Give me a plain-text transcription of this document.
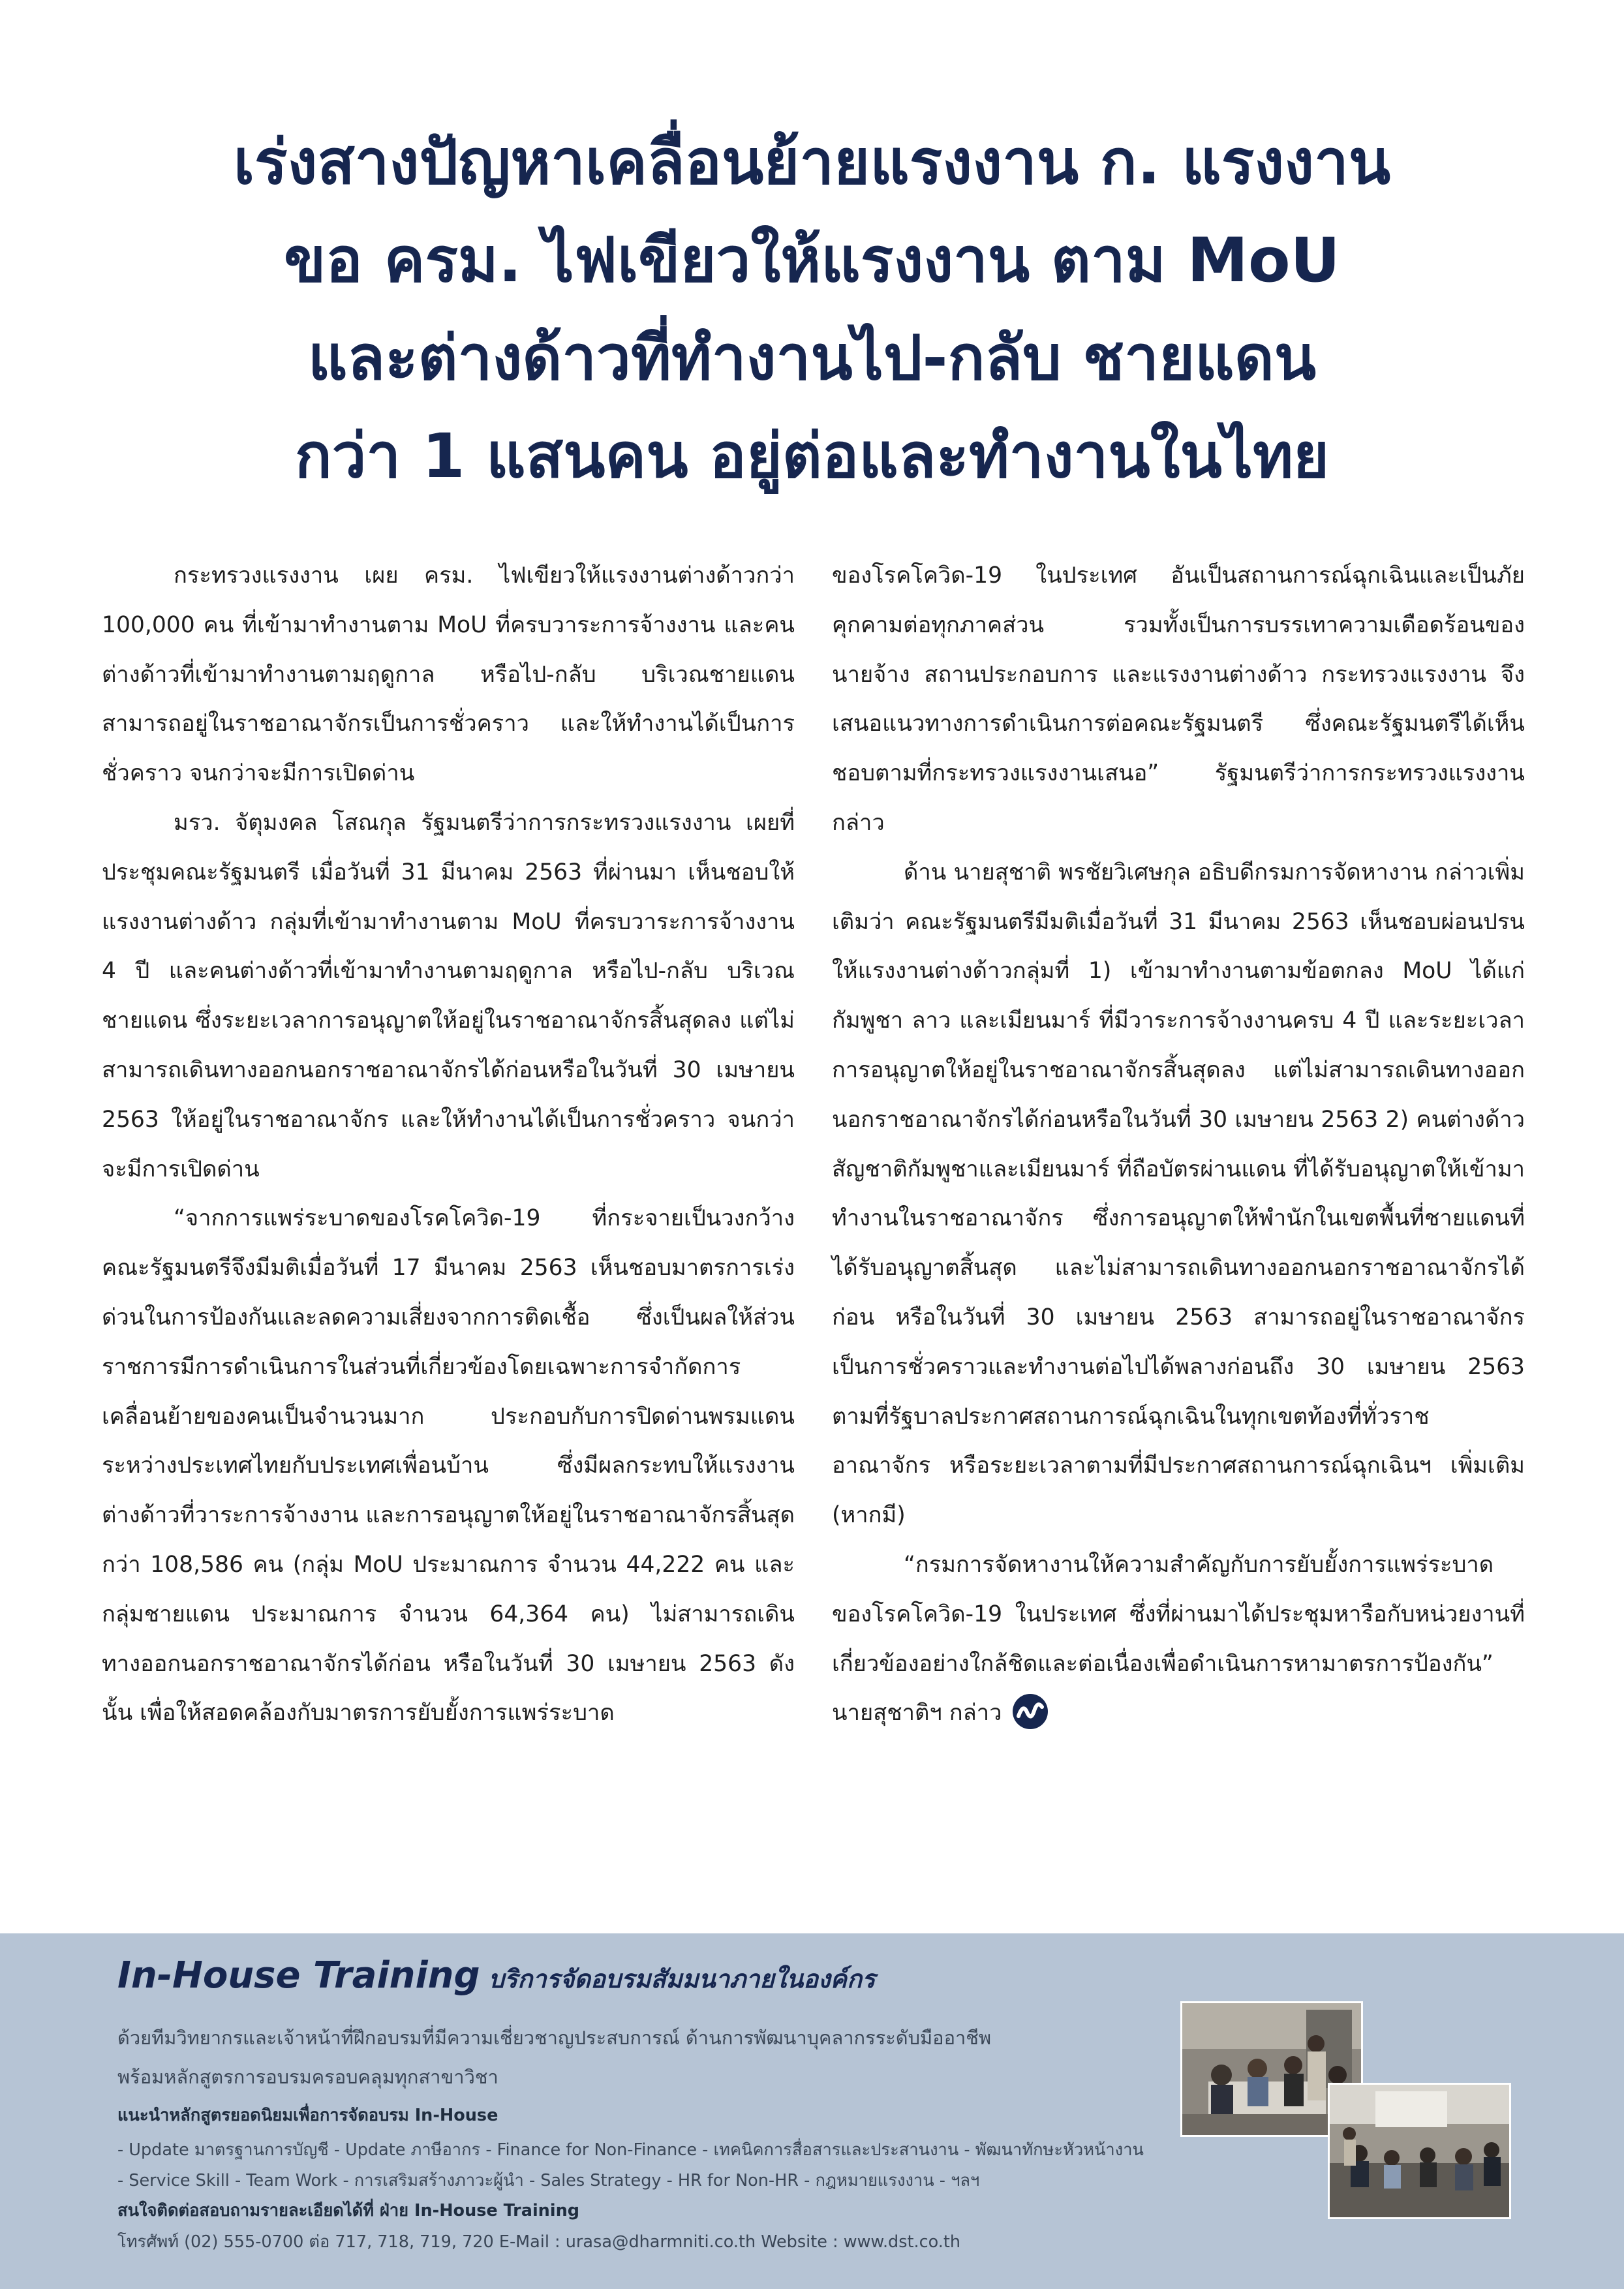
เร่งสางปัญหาเคลื่อนย้ายแรงงาน ก. แรงงาน
ขอ ครม. ไฟเขียวให้แรงงาน ตาม MoU
และต่างด้าวที่ทำงานไป-กลับ ชายแดน
กว่า 1 แสนคน อยู่ต่อและทำงานในไทย

กระทรวงแรงงาน เผย ครม. ไฟเขียวให้แรงงานต่างด้าวกว่า 100,000 คน ที่เข้ามาทำงานตาม MoU ที่ครบวาระการจ้างงาน และคนต่างด้าวที่เข้ามาทำงานตามฤดูกาล หรือไป-กลับ บริเวณชายแดน สามารถอยู่ในราชอาณาจักรเป็นการชั่วคราว และให้ทำงานได้เป็นการชั่วคราว จนกว่าจะมีการเปิดด่าน

มรว. จัตุมงคล โสณกุล รัฐมนตรีว่าการกระทรวงแรงงาน เผยที่ประชุมคณะรัฐมนตรี เมื่อวันที่ 31 มีนาคม 2563 ที่ผ่านมา เห็นชอบให้แรงงานต่างด้าว กลุ่มที่เข้ามาทำงานตาม MoU ที่ครบวาระการจ้างงาน 4 ปี และคนต่างด้าวที่เข้ามาทำงานตามฤดูกาล หรือไป-กลับ บริเวณชายแดน ซึ่งระยะเวลาการอนุญาตให้อยู่ในราชอาณาจักรสิ้นสุดลง แต่ไม่สามารถเดินทางออกนอกราชอาณาจักรได้ก่อนหรือในวันที่ 30 เมษายน 2563 ให้อยู่ในราชอาณาจักร และให้ทำงานได้เป็นการชั่วคราว จนกว่าจะมีการเปิดด่าน

“จากการแพร่ระบาดของโรคโควิด-19 ที่กระจายเป็นวงกว้าง คณะรัฐมนตรีจึงมีมติเมื่อวันที่ 17 มีนาคม 2563 เห็นชอบมาตรการเร่งด่วนในการป้องกันและลดความเสี่ยงจากการติดเชื้อ ซึ่งเป็นผลให้ส่วนราชการมีการดำเนินการในส่วนที่เกี่ยวข้องโดยเฉพาะการจำกัดการเคลื่อนย้ายของคนเป็นจำนวนมาก ประกอบกับการปิดด่านพรมแดนระหว่างประเทศไทยกับประเทศเพื่อนบ้าน ซึ่งมีผลกระทบให้แรงงานต่างด้าวที่วาระการจ้างงาน และการอนุญาตให้อยู่ในราชอาณาจักรสิ้นสุด กว่า 108,586 คน (กลุ่ม MoU ประมาณการ จำนวน 44,222 คน และกลุ่มชายแดน ประมาณการ จำนวน 64,364 คน) ไม่สามารถเดินทางออกนอกราชอาณาจักรได้ก่อน หรือในวันที่ 30 เมษายน 2563 ดังนั้น เพื่อให้สอดคล้องกับมาตรการยับยั้งการแพร่ระบาด

ของโรคโควิด-19 ในประเทศ อันเป็นสถานการณ์ฉุกเฉินและเป็นภัยคุกคามต่อทุกภาคส่วน รวมทั้งเป็นการบรรเทาความเดือดร้อนของนายจ้าง สถานประกอบการ และแรงงานต่างด้าว กระทรวงแรงงาน จึงเสนอแนวทางการดำเนินการต่อคณะรัฐมนตรี ซึ่งคณะรัฐมนตรีได้เห็นชอบตามที่กระทรวงแรงงานเสนอ” รัฐมนตรีว่าการกระทรวงแรงงาน กล่าว

ด้าน นายสุชาติ พรชัยวิเศษกุล อธิบดีกรมการจัดหางาน กล่าวเพิ่มเติมว่า คณะรัฐมนตรีมีมติเมื่อวันที่ 31 มีนาคม 2563 เห็นชอบผ่อนปรนให้แรงงานต่างด้าวกลุ่มที่ 1) เข้ามาทำงานตามข้อตกลง MoU ได้แก่ กัมพูชา ลาว และเมียนมาร์ ที่มีวาระการจ้างงานครบ 4 ปี และระยะเวลาการอนุญาตให้อยู่ในราชอาณาจักรสิ้นสุดลง แต่ไม่สามารถเดินทางออกนอกราชอาณาจักรได้ก่อนหรือในวันที่ 30 เมษายน 2563 2) คนต่างด้าวสัญชาติกัมพูชาและเมียนมาร์ ที่ถือบัตรผ่านแดน ที่ได้รับอนุญาตให้เข้ามาทำงานในราชอาณาจักร ซึ่งการอนุญาตให้พำนักในเขตพื้นที่ชายแดนที่ได้รับอนุญาตสิ้นสุด และไม่สามารถเดินทางออกนอกราชอาณาจักรได้ก่อน หรือในวันที่ 30 เมษายน 2563 สามารถอยู่ในราชอาณาจักรเป็นการชั่วคราวและทำงานต่อไปได้พลางก่อนถึง 30 เมษายน 2563 ตามที่รัฐบาลประกาศสถานการณ์ฉุกเฉินในทุกเขตท้องที่ทั่วราชอาณาจักร หรือระยะเวลาตามที่มีประกาศสถานการณ์ฉุกเฉินฯ เพิ่มเติม (หากมี)

“กรมการจัดหางานให้ความสำคัญกับการยับยั้งการแพร่ระบาดของโรคโควิด-19 ในประเทศ ซึ่งที่ผ่านมาได้ประชุมหารือกับหน่วยงานที่เกี่ยวข้องอย่างใกล้ชิดและต่อเนื่องเพื่อดำเนินการหามาตรการป้องกัน” นายสุชาติฯ กล่าว

In-House Training บริการจัดอบรมสัมมนาภายในองค์กร
ด้วยทีมวิทยากรและเจ้าหน้าที่ฝึกอบรมที่มีความเชี่ยวชาญประสบการณ์ ด้านการพัฒนาบุคลากรระดับมืออาชีพ
พร้อมหลักสูตรการอบรมครอบคลุมทุกสาขาวิชา
แนะนำหลักสูตรยอดนิยมเพื่อการจัดอบรม In-House
- Update มาตรฐานการบัญชี - Update ภาษีอากร - Finance for Non-Finance - เทคนิคการสื่อสารและประสานงาน - พัฒนาทักษะหัวหน้างาน
- Service Skill - Team Work - การเสริมสร้างภาวะผู้นำ - Sales Strategy - HR for Non-HR - กฎหมายแรงงาน - ฯลฯ
สนใจติดต่อสอบถามรายละเอียดได้ที่ ฝ่าย In-House Training
โทรศัพท์ (02) 555-0700 ต่อ 717, 718, 719, 720 E-Mail : urasa@dharmniti.co.th Website : www.dst.co.th
